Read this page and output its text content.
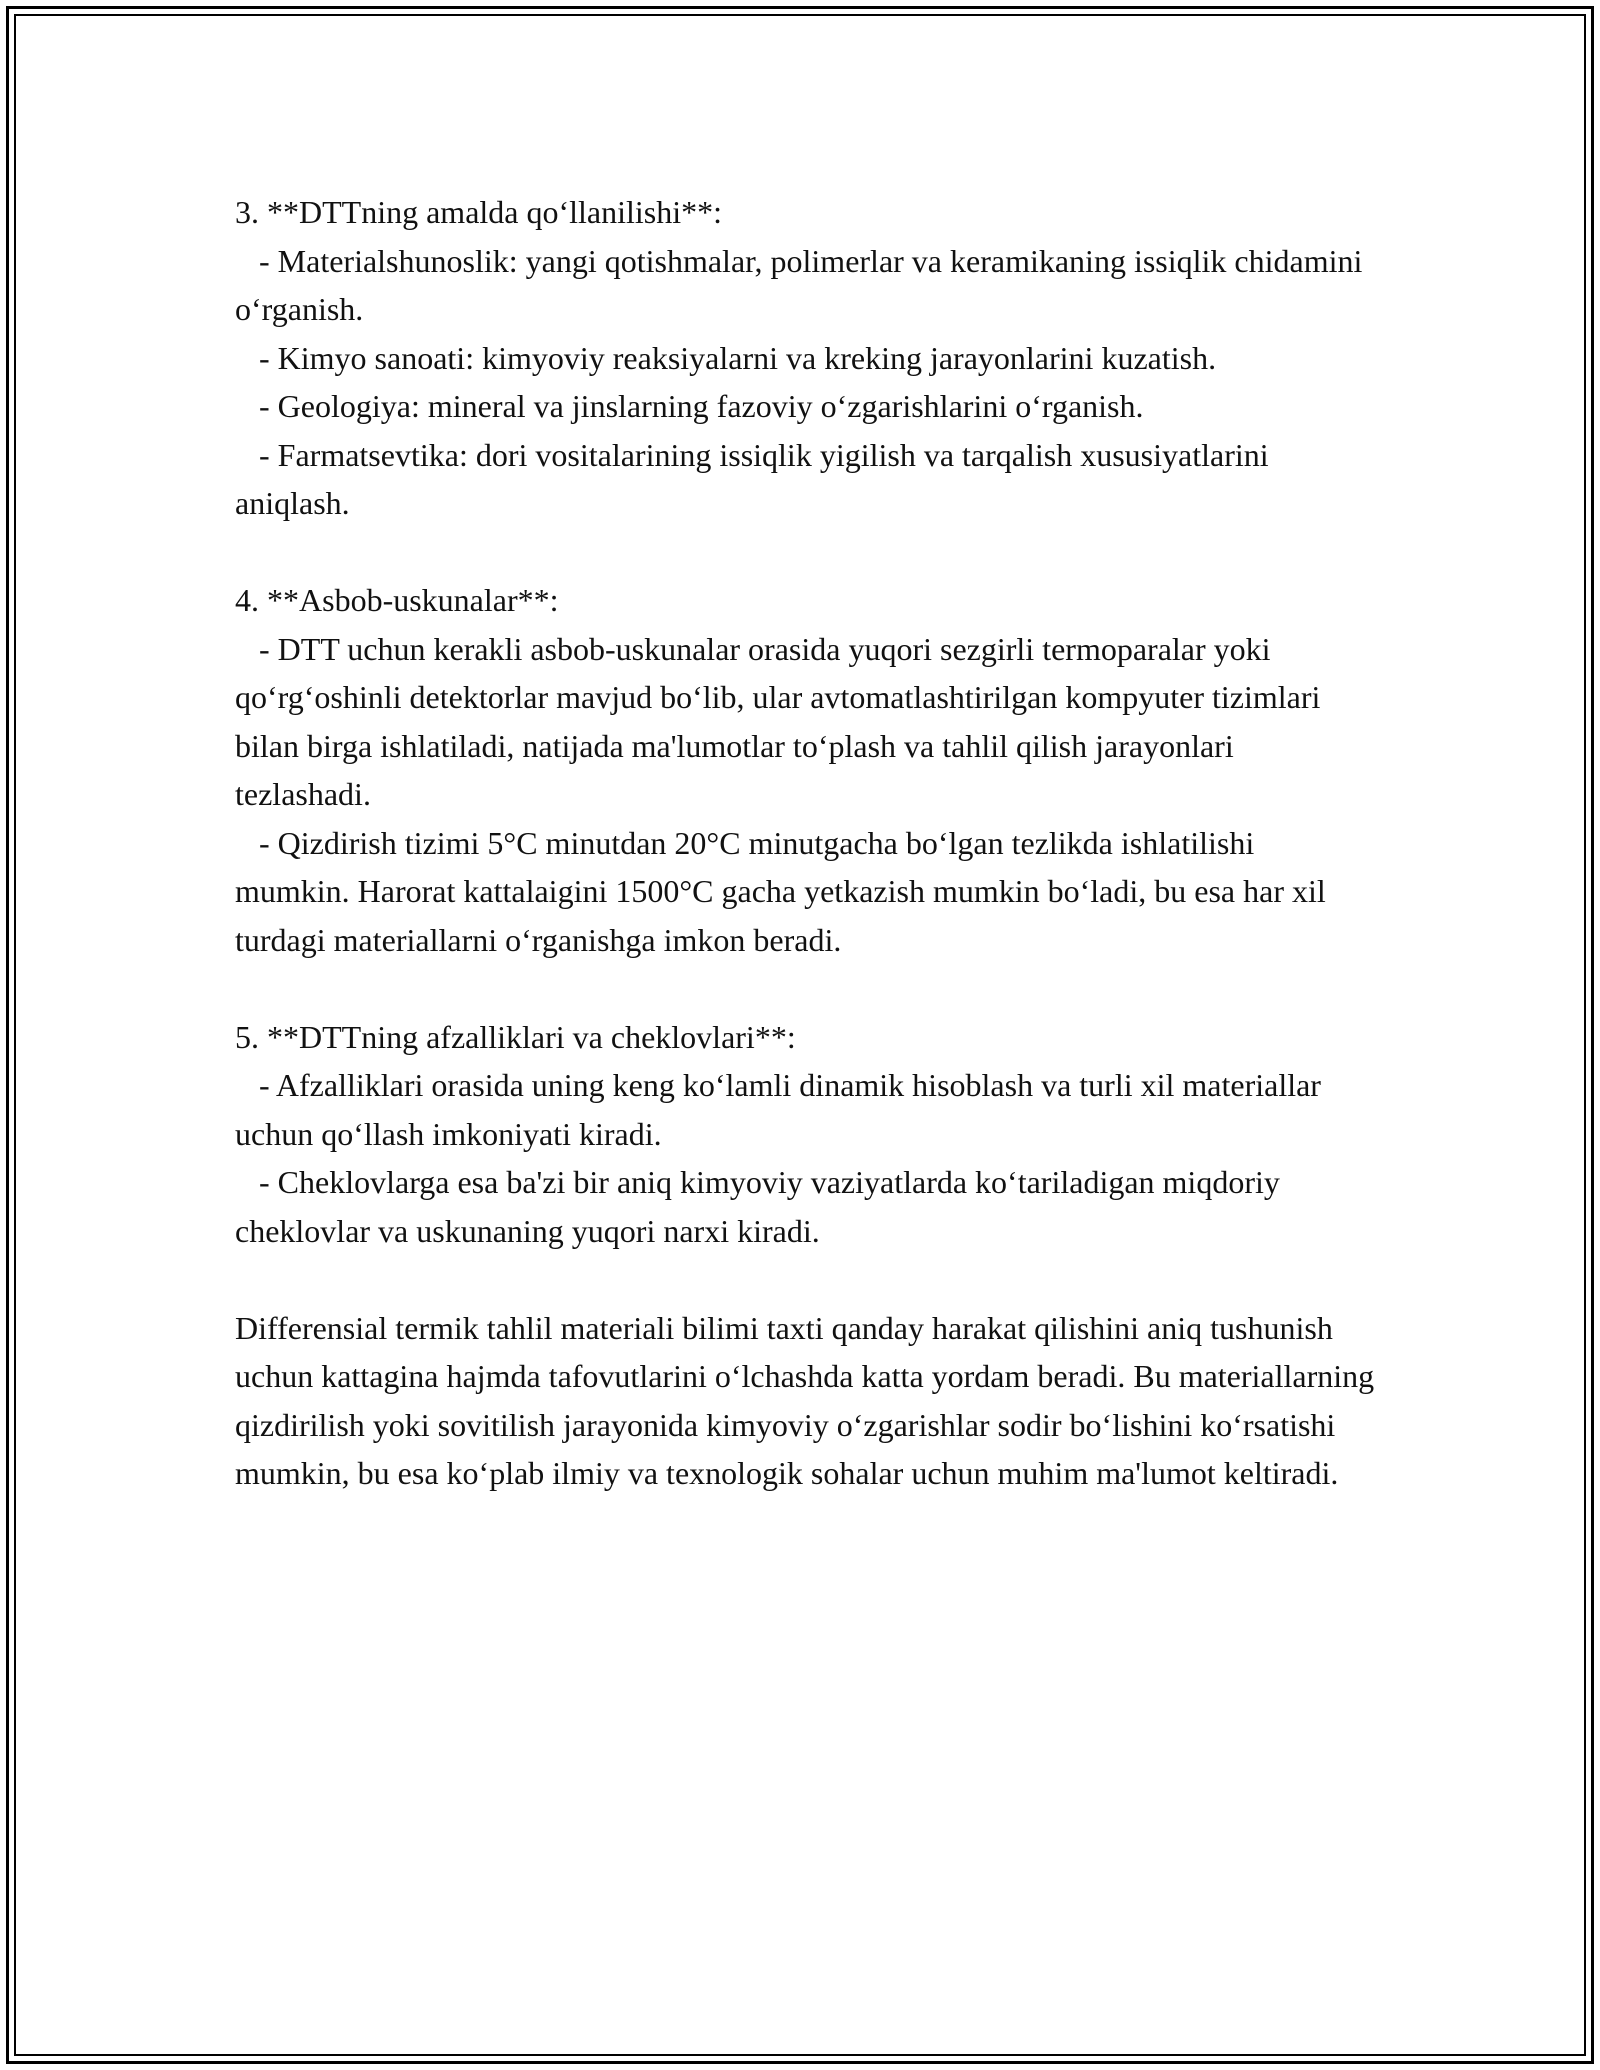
3. **DTTning amalda qo‘llanilishi**:

- Materialshunoslik: yangi qotishmalar, polimerlar va keramikaning issiqlik chidamini o‘rganish.

- Kimyo sanoati: kimyoviy reaksiyalarni va kreking jarayonlarini kuzatish.

- Geologiya: mineral va jinslarning fazoviy o‘zgarishlarini o‘rganish.

- Farmatsevtika: dori vositalarining issiqlik yigilish va tarqalish xususiyatlarini aniqlash.

4. **Asbob-uskunalar**:

- DTT uchun kerakli asbob-uskunalar orasida yuqori sezgirli termoparalar yoki qo‘rg‘oshinli detektorlar mavjud bo‘lib, ular avtomatlashtirilgan kompyuter tizimlari bilan birga ishlatiladi, natijada ma'lumotlar to‘plash va tahlil qilish jarayonlari tezlashadi.

- Qizdirish tizimi 5°C minutdan 20°C minutgacha bo‘lgan tezlikda ishlatilishi mumkin. Harorat kattalaigini 1500°C gacha yetkazish mumkin bo‘ladi, bu esa har xil turdagi materiallarni o‘rganishga imkon beradi.

5. **DTTning afzalliklari va cheklovlari**:

- Afzalliklari orasida uning keng ko‘lamli dinamik hisoblash va turli xil materiallar uchun qo‘llash imkoniyati kiradi.

- Cheklovlarga esa ba'zi bir aniq kimyoviy vaziyatlarda ko‘tariladigan miqdoriy cheklovlar va uskunaning yuqori narxi kiradi.

Differensial termik tahlil materiali bilimi taxti qanday harakat qilishini aniq tushunish uchun kattagina hajmda tafovutlarini o‘lchashda katta yordam beradi. Bu materiallarning qizdirilish yoki sovitilish jarayonida kimyoviy o‘zgarishlar sodir bo‘lishini ko‘rsatishi mumkin, bu esa ko‘plab ilmiy va texnologik sohalar uchun muhim ma'lumot keltiradi.
